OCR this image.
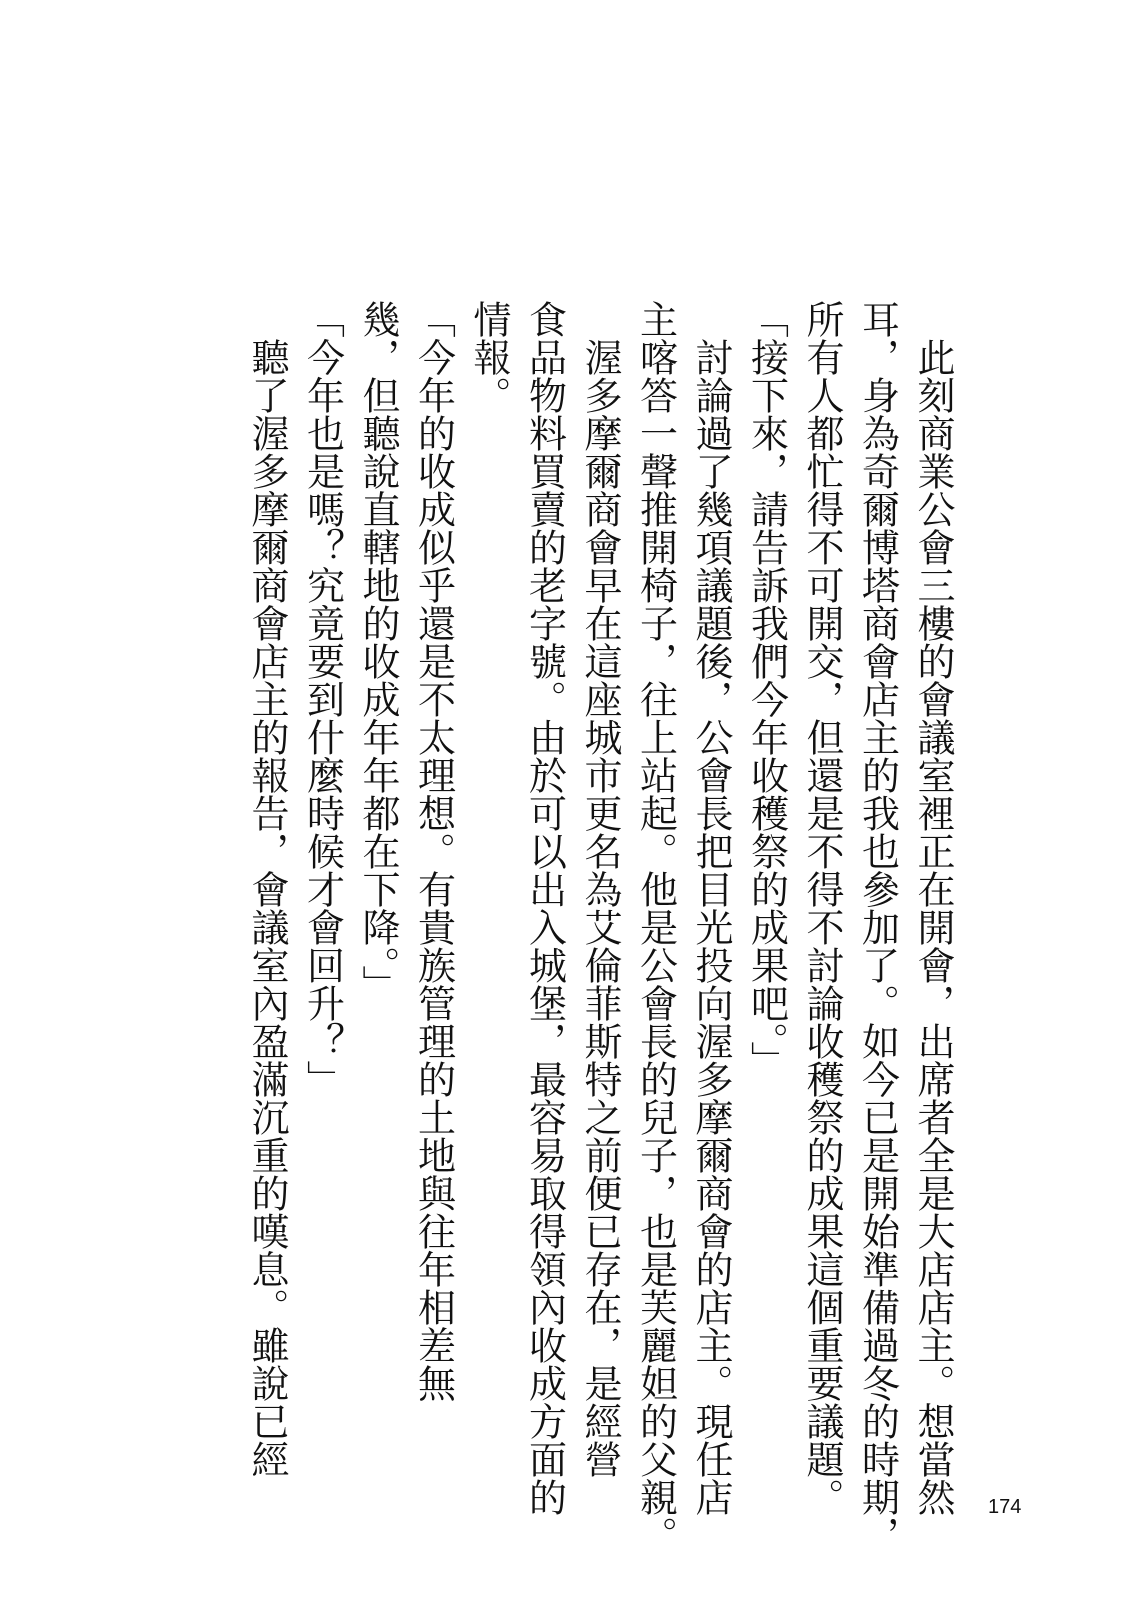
　此刻商業公會三樓的會議室裡正在開會，出席者全是大店店主。想當然

耳，身為奇爾博塔商會店主的我也參加了。如今已是開始準備過冬的時期，

所有人都忙得不可開交，但還是不得不討論收穫祭的成果這個重要議題。

「接下來，請告訴我們今年收穫祭的成果吧。」

　討論過了幾項議題後，公會長把目光投向渥多摩爾商會的店主。現任店

主喀答一聲推開椅子，往上站起。他是公會長的兒子，也是芙麗妲的父親。

　渥多摩爾商會早在這座城市更名為艾倫菲斯特之前便已存在，是經營

食品物料買賣的老字號。由於可以出入城堡，最容易取得領內收成方面的

情報。

「今年的收成似乎還是不太理想。有貴族管理的土地與往年相差無

幾，但聽說直轄地的收成年年都在下降。」

「今年也是嗎？究竟要到什麼時候才會回升？」

　聽了渥多摩爾商會店主的報告，會議室內盈滿沉重的嘆息。雖說已經

174
